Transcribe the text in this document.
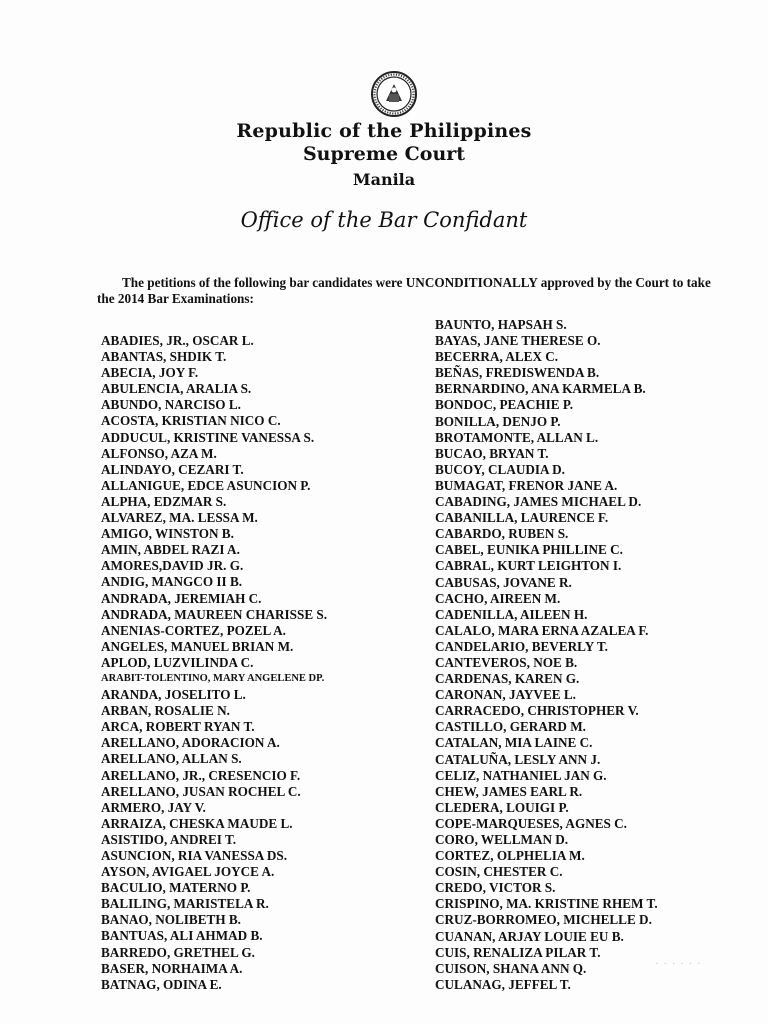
Republic of the Philippines
Supreme Court
Manila
Office of the Bar Confidant
The petitions of the following bar candidates were UNCONDITIONALLY approved by the Court to take the 2014 Bar Examinations:
ABADIES, JR., OSCAR L.
ABANTAS, SHDIK T.
ABECIA, JOY F.
ABULENCIA, ARALIA S.
ABUNDO, NARCISO L.
ACOSTA, KRISTIAN NICO C.
ADDUCUL, KRISTINE VANESSA S.
ALFONSO, AZA M.
ALINDAYO, CEZARI T.
ALLANIGUE, EDCE ASUNCION P.
ALPHA, EDZMAR S.
ALVAREZ, MA. LESSA M.
AMIGO, WINSTON B.
AMIN, ABDEL RAZI A.
AMORES,DAVID JR. G.
ANDIG, MANGCO II B.
ANDRADA, JEREMIAH C.
ANDRADA, MAUREEN CHARISSE S.
ANENIAS-CORTEZ, POZEL A.
ANGELES, MANUEL BRIAN M.
APLOD, LUZVILINDA C.
ARABIT-TOLENTINO, MARY ANGELENE DP.
ARANDA, JOSELITO L.
ARBAN, ROSALIE N.
ARCA, ROBERT RYAN T.
ARELLANO, ADORACION A.
ARELLANO, ALLAN S.
ARELLANO, JR., CRESENCIO F.
ARELLANO, JUSAN ROCHEL C.
ARMERO, JAY V.
ARRAIZA, CHESKA MAUDE L.
ASISTIDO, ANDREI T.
ASUNCION, RIA VANESSA DS.
AYSON, AVIGAEL JOYCE A.
BACULIO, MATERNO P.
BALILING, MARISTELA R.
BANAO, NOLIBETH B.
BANTUAS, ALI AHMAD B.
BARREDO, GRETHEL G.
BASER, NORHAIMA A.
BATNAG, ODINA E.
BAUNTO, HAPSAH S.
BAYAS, JANE THERESE O.
BECERRA, ALEX C.
BEÑAS, FREDISWENDA B.
BERNARDINO, ANA KARMELA B.
BONDOC, PEACHIE P.
BONILLA, DENJO P.
BROTAMONTE, ALLAN L.
BUCAO, BRYAN T.
BUCOY, CLAUDIA D.
BUMAGAT, FRENOR JANE A.
CABADING, JAMES MICHAEL D.
CABANILLA, LAURENCE F.
CABARDO, RUBEN S.
CABEL, EUNIKA PHILLINE C.
CABRAL, KURT LEIGHTON I.
CABUSAS, JOVANE R.
CACHO, AIREEN M.
CADENILLA, AILEEN H.
CALALO, MARA ERNA AZALEA F.
CANDELARIO, BEVERLY T.
CANTEVEROS, NOE B.
CARDENAS, KAREN G.
CARONAN, JAYVEE L.
CARRACEDO, CHRISTOPHER V.
CASTILLO, GERARD M.
CATALAN, MIA LAINE C.
CATALUÑA, LESLY ANN J.
CELIZ, NATHANIEL JAN G.
CHEW, JAMES EARL R.
CLEDERA, LOUIGI P.
COPE-MARQUESES, AGNES C.
CORO, WELLMAN D.
CORTEZ, OLPHELIA M.
COSIN, CHESTER C.
CREDO, VICTOR S.
CRISPINO, MA. KRISTINE RHEM T.
CRUZ-BORROMEO, MICHELLE D.
CUANAN, ARJAY LOUIE EU B.
CUIS, RENALIZA PILAR T.
CUISON, SHANA ANN Q.
CULANAG, JEFFEL T.
· · · · · ·
